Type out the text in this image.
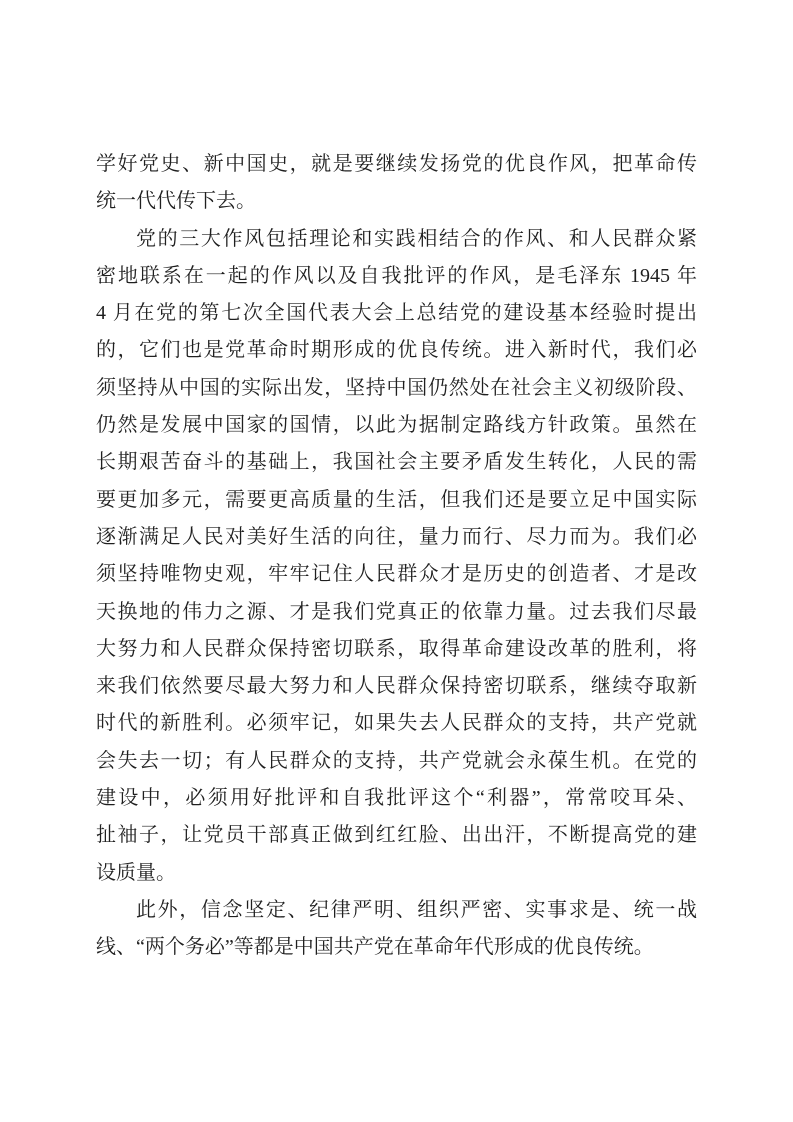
学好党史、新中国史，就是要继续发扬党的优良作风，把革命传
统一代代传下去。
党的三大作风包括理论和实践相结合的作风、和人民群众紧
密地联系在一起的作风以及自我批评的作风，是毛泽东 1945 年
4 月在党的第七次全国代表大会上总结党的建设基本经验时提出
的，它们也是党革命时期形成的优良传统。进入新时代，我们必
须坚持从中国的实际出发，坚持中国仍然处在社会主义初级阶段、
仍然是发展中国家的国情，以此为据制定路线方针政策。虽然在
长期艰苦奋斗的基础上，我国社会主要矛盾发生转化，人民的需
要更加多元，需要更高质量的生活，但我们还是要立足中国实际
逐渐满足人民对美好生活的向往，量力而行、尽力而为。我们必
须坚持唯物史观，牢牢记住人民群众才是历史的创造者、才是改
天换地的伟力之源、才是我们党真正的依靠力量。过去我们尽最
大努力和人民群众保持密切联系，取得革命建设改革的胜利，将
来我们依然要尽最大努力和人民群众保持密切联系，继续夺取新
时代的新胜利。必须牢记，如果失去人民群众的支持，共产党就
会失去一切；有人民群众的支持，共产党就会永葆生机。在党的
建设中，必须用好批评和自我批评这个“利器”，常常咬耳朵、
扯袖子，让党员干部真正做到红红脸、出出汗，不断提高党的建
设质量。
此外，信念坚定、纪律严明、组织严密、实事求是、统一战
线、“两个务必”等都是中国共产党在革命年代形成的优良传统。
